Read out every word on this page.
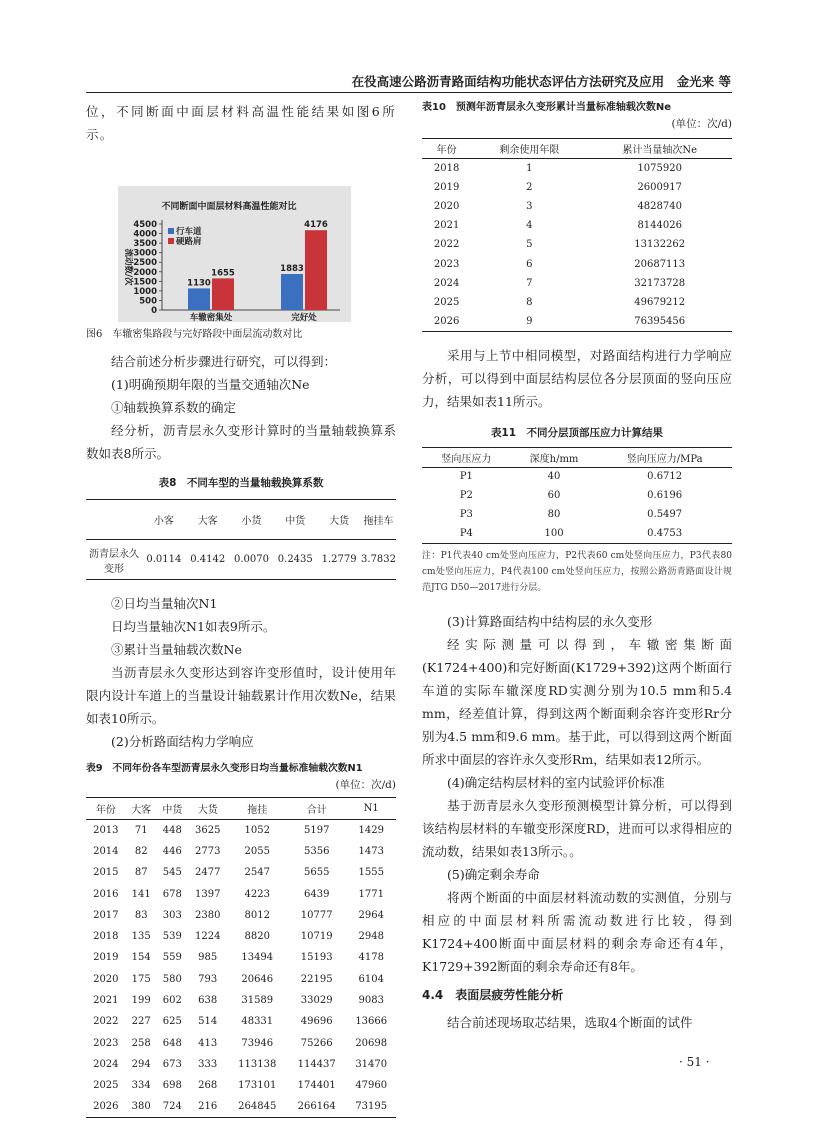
在役高速公路沥青路面结构功能状态评估方法研究及应用　金光来 等

位，不同断面中面层材料高温性能结果如图6所示。

不同断面中面层材料高温性能对比
0
500
1000
1500
2000
2500
3000
3500
4000
4500
流动数/次	1130
1655
车辙密集处
1883
4176
完好处
行车道
硬路肩
图6　车辙密集路段与完好路段中面层流动数对比

结合前述分析步骤进行研究，可以得到：

(1)明确预期年限的当量交通轴次Ne

①轴载换算系数的确定

经分析，沥青层永久变形计算时的当量轴载换算系数如表8所示。

表8　不同车型的当量轴载换算系数
	小客	大客	小货	中货	大货	拖挂车
沥青层永久变形	0.0114	0.4142	0.0070	0.2435	1.2779	3.7832

②日均当量轴次N1

日均当量轴次N1如表9所示。

③累计当量轴载次数Ne

当沥青层永久变形达到容许变形值时，设计使用年限内设计车道上的当量设计轴载累计作用次数Ne，结果如表10所示。

(2)分析路面结构力学响应

表9　不同年份各车型沥青层永久变形日均当量标准轴载次数N1
(单位：次/d)
年份	大客	中货	大货	拖挂	合计	N1
2013	71	448	3625	1052	5197	1429
2014	82	446	2773	2055	5356	1473
2015	87	545	2477	2547	5655	1555
2016	141	678	1397	4223	6439	1771
2017	83	303	2380	8012	10777	2964
2018	135	539	1224	8820	10719	2948
2019	154	559	985	13494	15193	4178
2020	175	580	793	20646	22195	6104
2021	199	602	638	31589	33029	9083
2022	227	625	514	48331	49696	13666
2023	258	648	413	73946	75266	20698
2024	294	673	333	113138	114437	31470
2025	334	698	268	173101	174401	47960
2026	380	724	216	264845	266164	73195
表10　预测年沥青层永久变形累计当量标准轴载次数Ne
(单位：次/d)
年份	剩余使用年限	累计当量轴次Ne
2018	1	1075920
2019	2	2600917
2020	3	4828740
2021	4	8144026
2022	5	13132262
2023	6	20687113
2024	7	32173728
2025	8	49679212
2026	9	76395456

采用与上节中相同模型，对路面结构进行力学响应分析，可以得到中面层结构层位各分层顶面的竖向压应力，结果如表11所示。

表11　不同分层顶部压应力计算结果
竖向压应力	深度h/mm	竖向压应力/MPa
P1	40	0.6712
P2	60	0.6196
P3	80	0.5497
P4	100	0.4753
注：P1代表40 cm处竖向压应力，P2代表60 cm处竖向压应力，P3代表80 cm处竖向压应力，P4代表100 cm处竖向压应力，按照公路沥青路面设计规范JTG D50—2017进行分层。

(3)计算路面结构中结构层的永久变形

经实际测量可以得到，车辙密集断面(K1724+400)和完好断面(K1729+392)这两个断面行车道的实际车辙深度RD实测分别为10.5 mm和5.4 mm，经差值计算，得到这两个断面剩余容许变形Rr分别为4.5 mm和9.6 mm。基于此，可以得到这两个断面所求中面层的容许永久变形Rm，结果如表12所示。

(4)确定结构层材料的室内试验评价标准

基于沥青层永久变形预测模型计算分析，可以得到该结构层材料的车辙变形深度RD，进而可以求得相应的流动数，结果如表13所示。。

(5)确定剩余寿命

将两个断面的中面层材料流动数的实测值，分别与相应的中面层材料所需流动数进行比较，得到K1724+400断面中面层材料的剩余寿命还有4年，K1729+392断面的剩余寿命还有8年。

4.4　表面层疲劳性能分析

结合前述现场取芯结果，选取4个断面的试件

· 51 ·
